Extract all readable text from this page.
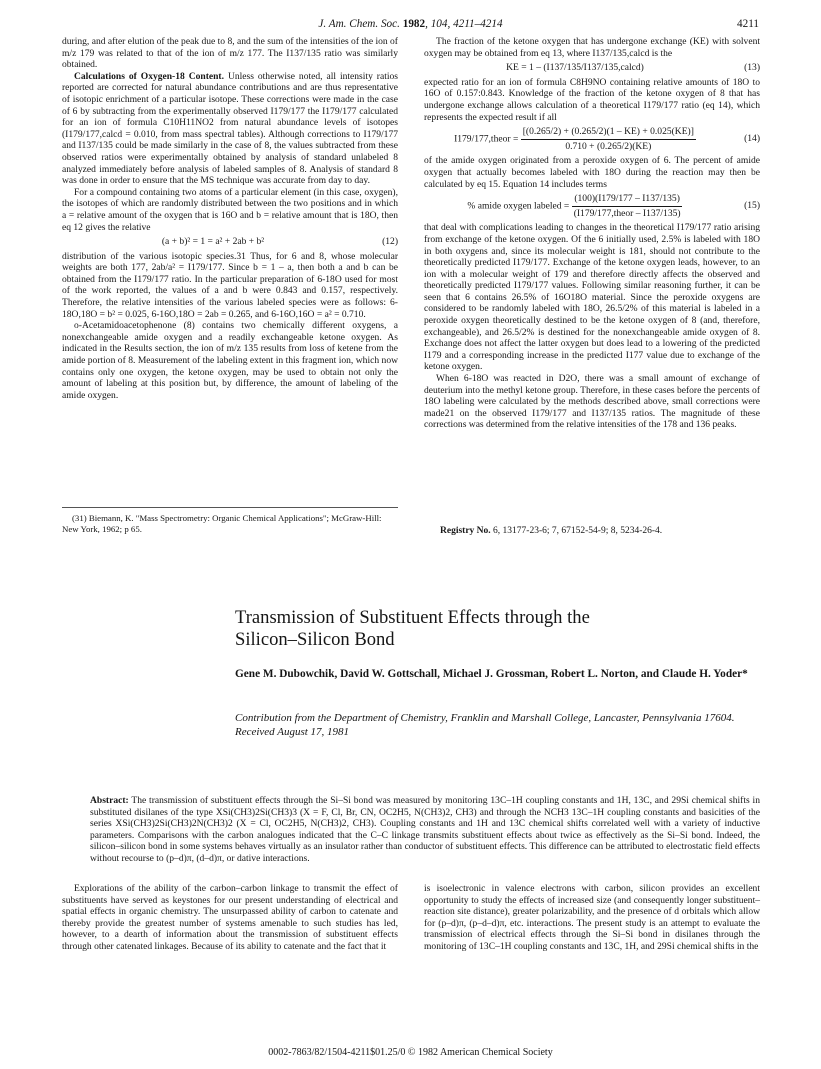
J. Am. Chem. Soc. 1982, 104, 4211–4214	4211

during, and after elution of the peak due to 8, and the sum of the intensities of the ion of m/z 179 was related to that of the ion of m/z 177. The I137/135 ratio was similarly obtained.

Calculations of Oxygen-18 Content. Unless otherwise noted, all intensity ratios reported are corrected for natural abundance contributions and are thus representative of isotopic enrichment of a particular isotope. These corrections were made in the case of 6 by subtracting from the experimentally observed I179/177 the I179/177 calculated for an ion of formula C10H11NO2 from natural abundance levels of isotopes (I179/177,calcd = 0.010, from mass spectral tables). Although corrections to I179/177 and I137/135 could be made similarly in the case of 8, the values subtracted from these observed ratios were experimentally obtained by analysis of standard unlabeled 8 analyzed immediately before analysis of labeled samples of 8. Analysis of standard 8 was done in order to ensure that the MS technique was accurate from day to day.

For a compound containing two atoms of a particular element (in this case, oxygen), the isotopes of which are randomly distributed between the two positions and in which a = relative amount of the oxygen that is 16O and b = relative amount that is 18O, then eq 12 gives the relative

(a + b)² = 1 = a² + 2ab + b²	(12)

distribution of the various isotopic species.31 Thus, for 6 and 8, whose molecular weights are both 177, 2ab/a² = I179/177. Since b = 1 – a, then both a and b can be obtained from the I179/177 ratio. In the particular preparation of 6-18O used for most of the work reported, the values of a and b were 0.843 and 0.157, respectively. Therefore, the relative intensities of the various labeled species were as follows: 6-18O,18O = b² = 0.025, 6-16O,18O = 2ab = 0.265, and 6-16O,16O = a² = 0.710.

o-Acetamidoacetophenone (8) contains two chemically different oxygens, a nonexchangeable amide oxygen and a readily exchangeable ketone oxygen. As indicated in the Results section, the ion of m/z 135 results from loss of ketene from the amide portion of 8. Measurement of the labeling extent in this fragment ion, which now contains only one oxygen, the ketone oxygen, may be used to obtain not only the amount of labeling at this position but, by difference, the amount of labeling of the amide oxygen.

(31) Biemann, K. "Mass Spectrometry: Organic Chemical Applications"; McGraw-Hill: New York, 1962; p 65.

The fraction of the ketone oxygen that has undergone exchange (KE) with solvent oxygen may be obtained from eq 13, where I137/135,calcd is the

KE = 1 – (I137/135/I137/135,calcd)	(13)

expected ratio for an ion of formula C8H9NO containing relative amounts of 18O to 16O of 0.157:0.843. Knowledge of the fraction of the ketone oxygen of 8 that has undergone exchange allows calculation of a theoretical I179/177 ratio (eq 14), which represents the expected result if all

I179/177,theor = $\frac{[(0.265/2) + (0.265/2)(1 - KE) + 0.025(KE)]}{0.710 + (0.265/2)(KE)}$	(14)

of the amide oxygen originated from a peroxide oxygen of 6. The percent of amide oxygen that actually becomes labeled with 18O during the reaction may then be calculated by eq 15. Equation 14 includes terms

% amide oxygen labeled = $\frac{(100)(I179/177 - I137/135)}{\text{(I179/177,theor – I137/135)}}$	(15)

that deal with complications leading to changes in the theoretical I179/177 ratio arising from exchange of the ketone oxygen. Of the 6 initially used, 2.5% is labeled with 18O in both oxygens and, since its molecular weight is 181, should not contribute to the theoretically predicted I179/177. Exchange of the ketone oxygen leads, however, to an ion with a molecular weight of 179 and therefore directly affects the observed and theoretically predicted I179/177 values. Following similar reasoning further, it can be seen that 6 contains 26.5% of 16O18O material. Since the peroxide oxygens are considered to be randomly labeled with 18O, 26.5/2% of this material is labeled in a peroxide oxygen theoretically destined to be the ketone oxygen of 8 (and, therefore, exchangeable), and 26.5/2% is destined for the nonexchangeable amide oxygen of 8. Exchange does not affect the latter oxygen but does lead to a lowering of the predicted I179 and a corresponding increase in the predicted I177 value due to exchange of the ketone oxygen.

When 6-18O was reacted in D2O, there was a small amount of exchange of deuterium into the methyl ketone group. Therefore, in these cases before the percents of 18O labeling were calculated by the methods described above, small corrections were made21 on the observed I179/177 and I137/135 ratios. The magnitude of these corrections was determined from the relative intensities of the 178 and 136 peaks.

Registry No. 6, 13177-23-6; 7, 67152-54-9; 8, 5234-26-4.
Transmission of Substituent Effects through the
Silicon–Silicon Bond
Gene M. Dubowchik, David W. Gottschall, Michael J. Grossman, Robert L. Norton, and Claude H. Yoder*
Contribution from the Department of Chemistry, Franklin and Marshall College, Lancaster, Pennsylvania 17604. Received August 17, 1981
Abstract: The transmission of substituent effects through the Si–Si bond was measured by monitoring 13C–1H coupling constants and 1H, 13C, and 29Si chemical shifts in substituted disilanes of the type XSi(CH3)2Si(CH3)3 (X = F, Cl, Br, CN, OC2H5, N(CH3)2, CH3) and through the NCH3 13C–1H coupling constants and basicities of the series XSi(CH3)2Si(CH3)2N(CH3)2 (X = Cl, OC2H5, N(CH3)2, CH3). Coupling constants and 1H and 13C chemical shifts correlated well with a variety of inductive parameters. Comparisons with the carbon analogues indicated that the C–C linkage transmits substituent effects about twice as effectively as the Si–Si bond. Indeed, the silicon–silicon bond in some systems behaves virtually as an insulator rather than conductor of substituent effects. This difference can be attributed to electrostatic field effects without recourse to (p–d)π, (d–d)π, or dative interactions.

Explorations of the ability of the carbon–carbon linkage to transmit the effect of substituents have served as keystones for our present understanding of electrical and spatial effects in organic chemistry. The unsurpassed ability of carbon to catenate and thereby provide the greatest number of systems amenable to such studies has led, however, to a dearth of information about the transmission of substituent effects through other catenated linkages. Because of its ability to catenate and the fact that it

is isoelectronic in valence electrons with carbon, silicon provides an excellent opportunity to study the effects of increased size (and consequently longer substituent–reaction site distance), greater polarizability, and the presence of d orbitals which allow for (p–d)π, (p–d–d)π, etc. interactions. The present study is an attempt to evaluate the transmission of electrical effects through the Si–Si bond in disilanes through the monitoring of 13C–1H coupling constants and 13C, 1H, and 29Si chemical shifts in the

0002-7863/82/1504-4211$01.25/0 © 1982 American Chemical Society
